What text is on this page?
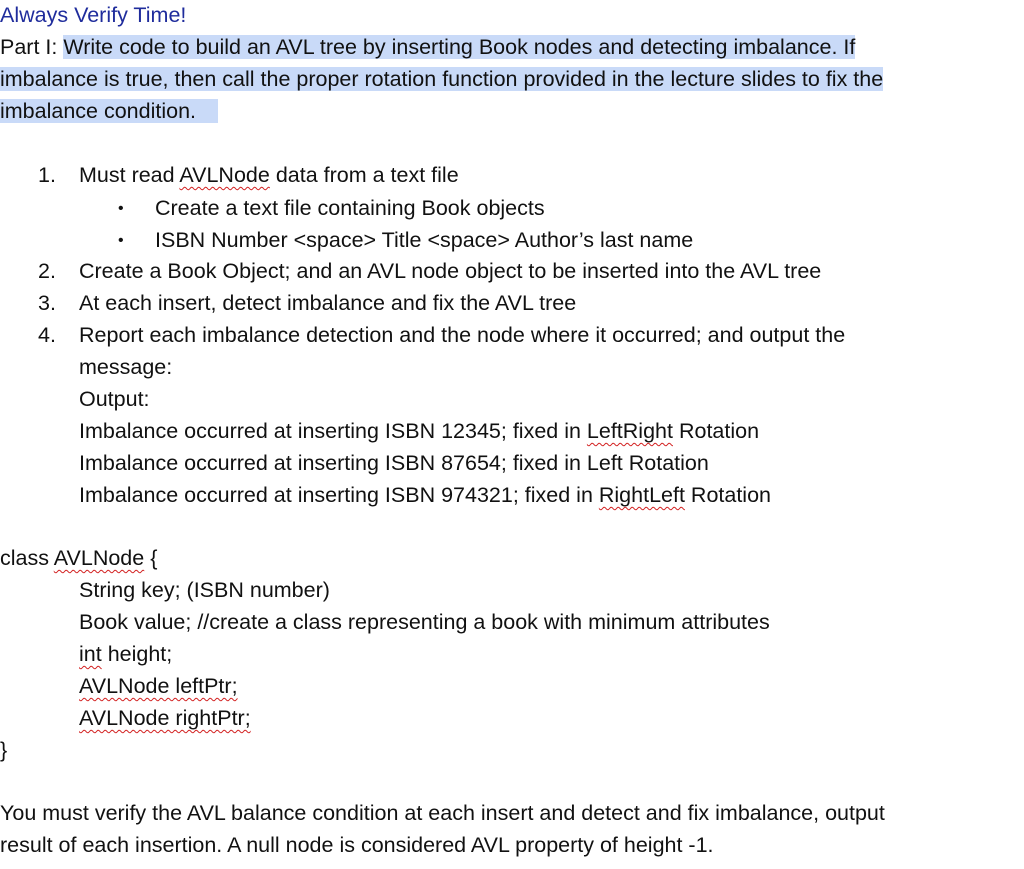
Always Verify Time!
Part I: Write code to build an AVL tree by inserting Book nodes and detecting imbalance. If
imbalance is true, then call the proper rotation function provided in the lecture slides to fix the
imbalance condition.
1. Must read AVLNode data from a text file
• Create a text file containing Book objects
• ISBN Number <space> Title <space> Author’s last name
2. Create a Book Object; and an AVL node object to be inserted into the AVL tree
3. At each insert, detect imbalance and fix the AVL tree
4. Report each imbalance detection and the node where it occurred; and output the
message:
Output:
Imbalance occurred at inserting ISBN 12345; fixed in LeftRight Rotation
Imbalance occurred at inserting ISBN 87654; fixed in Left Rotation
Imbalance occurred at inserting ISBN 974321; fixed in RightLeft Rotation
class AVLNode {
String key; (ISBN number)
Book value; //create a class representing a book with minimum attributes
int height;
AVLNode leftPtr;
AVLNode rightPtr;
}
You must verify the AVL balance condition at each insert and detect and fix imbalance, output
result of each insertion. A null node is considered AVL property of height -1.
